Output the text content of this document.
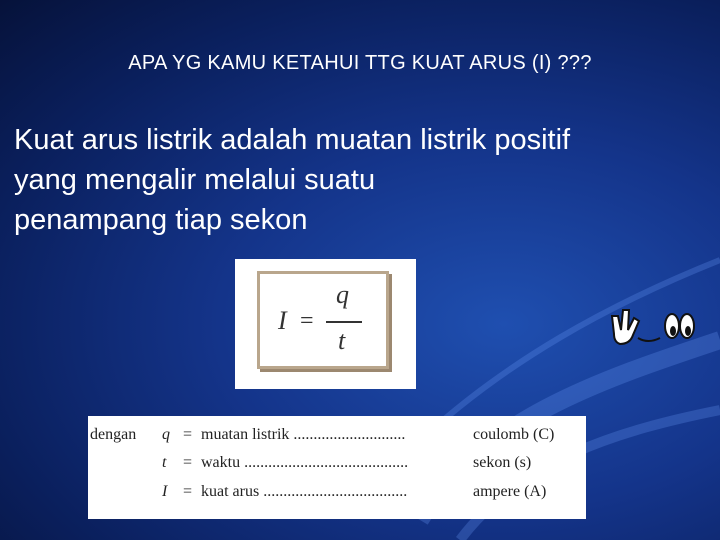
APA YG KAMU KETAHUI TTG KUAT ARUS (I) ???
Kuat arus listrik adalah muatan listrik positif
yang mengalir melalui suatu
penampang tiap sekon
I =
q
t
dengan q = muatan listrik ............................	coulomb (C)
t = waktu .........................................	sekon (s)
I = kuat arus ....................................	ampere (A)
